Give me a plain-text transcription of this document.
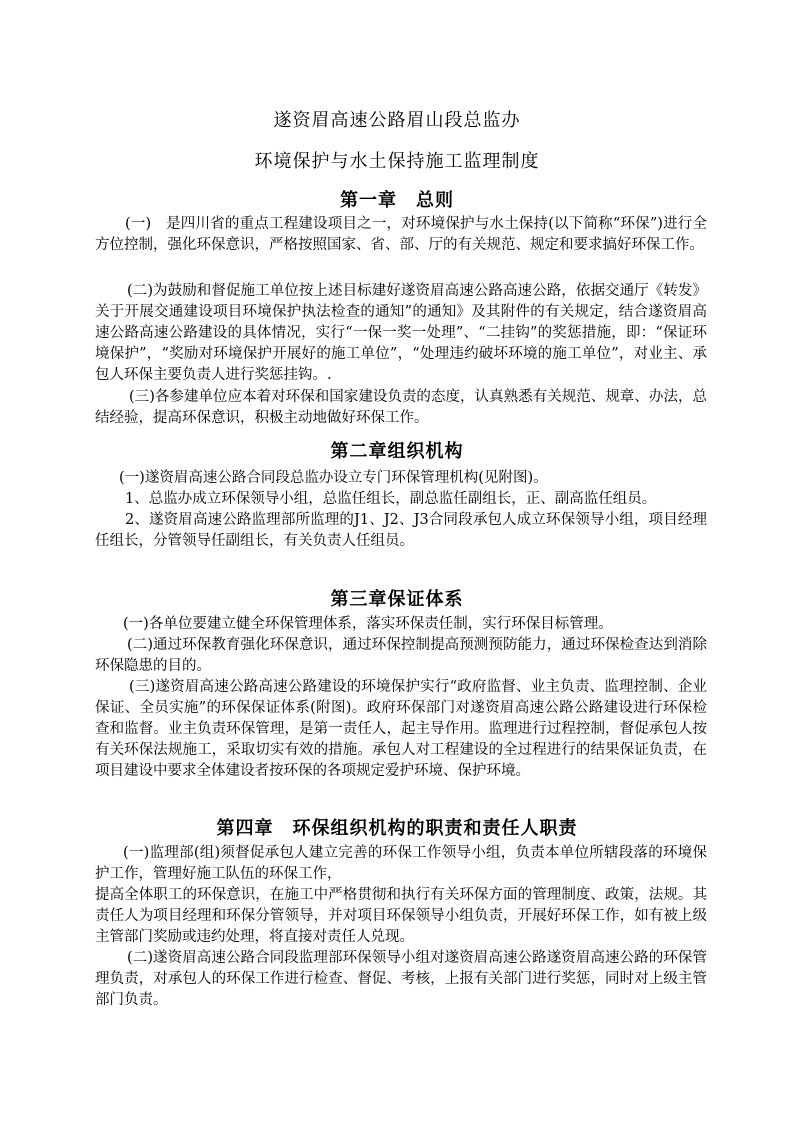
遂资眉高速公路眉山段总监办
环境保护与水土保持施工监理制度
第一章　总则
(一)　是四川省的重点工程建设项目之一，对环境保护与水土保持(以下简称“环保”)进行全方位控制，强化环保意识，严格按照国家、省、部、厅的有关规范、规定和要求搞好环保工作。
(二)为鼓励和督促施工单位按上述目标建好遂资眉高速公路高速公路，依据交通厅《转发》关于开展交通建设项目环境保护执法检查的通知”的通知》及其附件的有关规定，结合遂资眉高速公路高速公路建设的具体情况，实行“一保一奖一处理”、“二挂钩”的奖惩措施，即：“保证环境保护”，“奖励对环境保护开展好的施工单位”，“处理违约破坏环境的施工单位”，对业主、承包人环保主要负责人进行奖惩挂钩。.
(三)各参建单位应本着对环保和国家建设负责的态度，认真熟悉有关规范、规章、办法，总结经验，提高环保意识，积极主动地做好环保工作。
第二章组织机构
(一)遂资眉高速公路合同段总监办设立专门环保管理机构(见附图)。
1、总监办成立环保领导小组，总监任组长，副总监任副组长，正、副高监任组员。
2、遂资眉高速公路监理部所监理的J1、J2、J3合同段承包人成立环保领导小组，项目经理任组长，分管领导任副组长，有关负责人任组员。
第三章保证体系
(一)各单位要建立健全环保管理体系，落实环保责任制，实行环保目标管理。
(二)通过环保教育强化环保意识，通过环保控制提高预测预防能力，通过环保检查达到消除环保隐患的目的。
(三)遂资眉高速公路高速公路建设的环境保护实行“政府监督、业主负责、监理控制、企业保证、全员实施”的环保保证体系(附图)。政府环保部门对遂资眉高速公路公路建设进行环保检查和监督。业主负责环保管理，是第一责任人，起主导作用。监理进行过程控制，督促承包人按有关环保法规施工，采取切实有效的措施。承包人对工程建设的全过程进行的结果保证负责，在项目建设中要求全体建设者按环保的各项规定爱护环境、保护环境。
第四章　环保组织机构的职责和责任人职责
(一)监理部(组)须督促承包人建立完善的环保工作领导小组，负责本单位所辖段落的环境保护工作，管理好施工队伍的环保工作，
提高全体职工的环保意识，在施工中严格贯彻和执行有关环保方面的管理制度、政策，法规。其责任人为项目经理和环保分管领导，并对项目环保领导小组负责，开展好环保工作，如有被上级主管部门奖励或违约处理，将直接对责任人兑现。
(二)遂资眉高速公路合同段监理部环保领导小组对遂资眉高速公路遂资眉高速公路的环保管理负责，对承包人的环保工作进行检查、督促、考核，上报有关部门进行奖惩，同时对上级主管部门负责。
